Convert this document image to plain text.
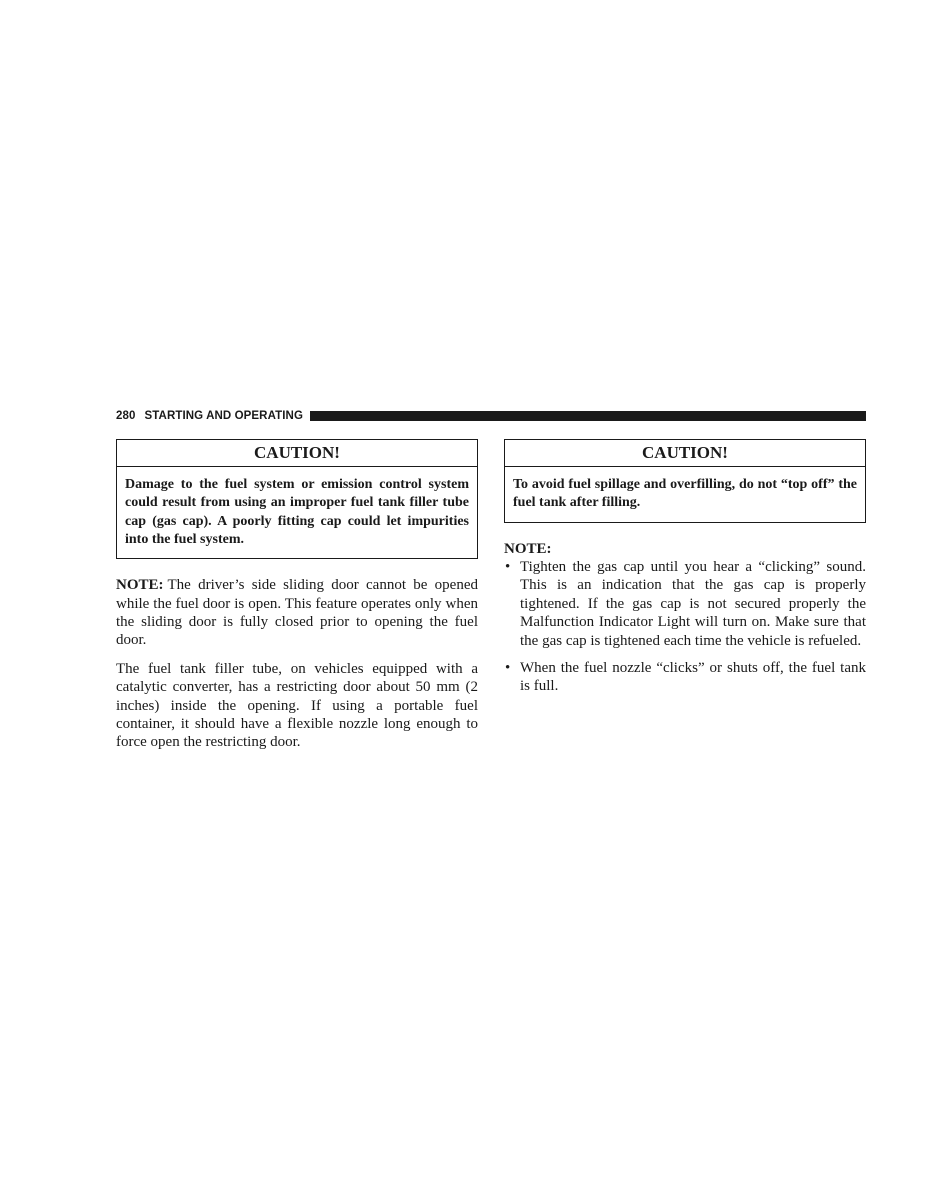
280 STARTING AND OPERATING
CAUTION!
Damage to the fuel system or emission control system could result from using an improper fuel tank filler tube cap (gas cap). A poorly fitting cap could let impurities into the fuel system.

NOTE: The driver’s side sliding door cannot be opened while the fuel door is open. This feature operates only when the sliding door is fully closed prior to opening the fuel door.

The fuel tank filler tube, on vehicles equipped with a catalytic converter, has a restricting door about 50 mm (2 inches) inside the opening. If using a portable fuel container, it should have a flexible nozzle long enough to force open the restricting door.

CAUTION!
To avoid fuel spillage and overfilling, do not “top off” the fuel tank after filling.
NOTE:
• Tighten the gas cap until you hear a “clicking” sound. This is an indication that the gas cap is properly tightened. If the gas cap is not secured properly the Malfunction Indicator Light will turn on. Make sure that the gas cap is tightened each time the vehicle is refueled.
• When the fuel nozzle “clicks” or shuts off, the fuel tank is full.
